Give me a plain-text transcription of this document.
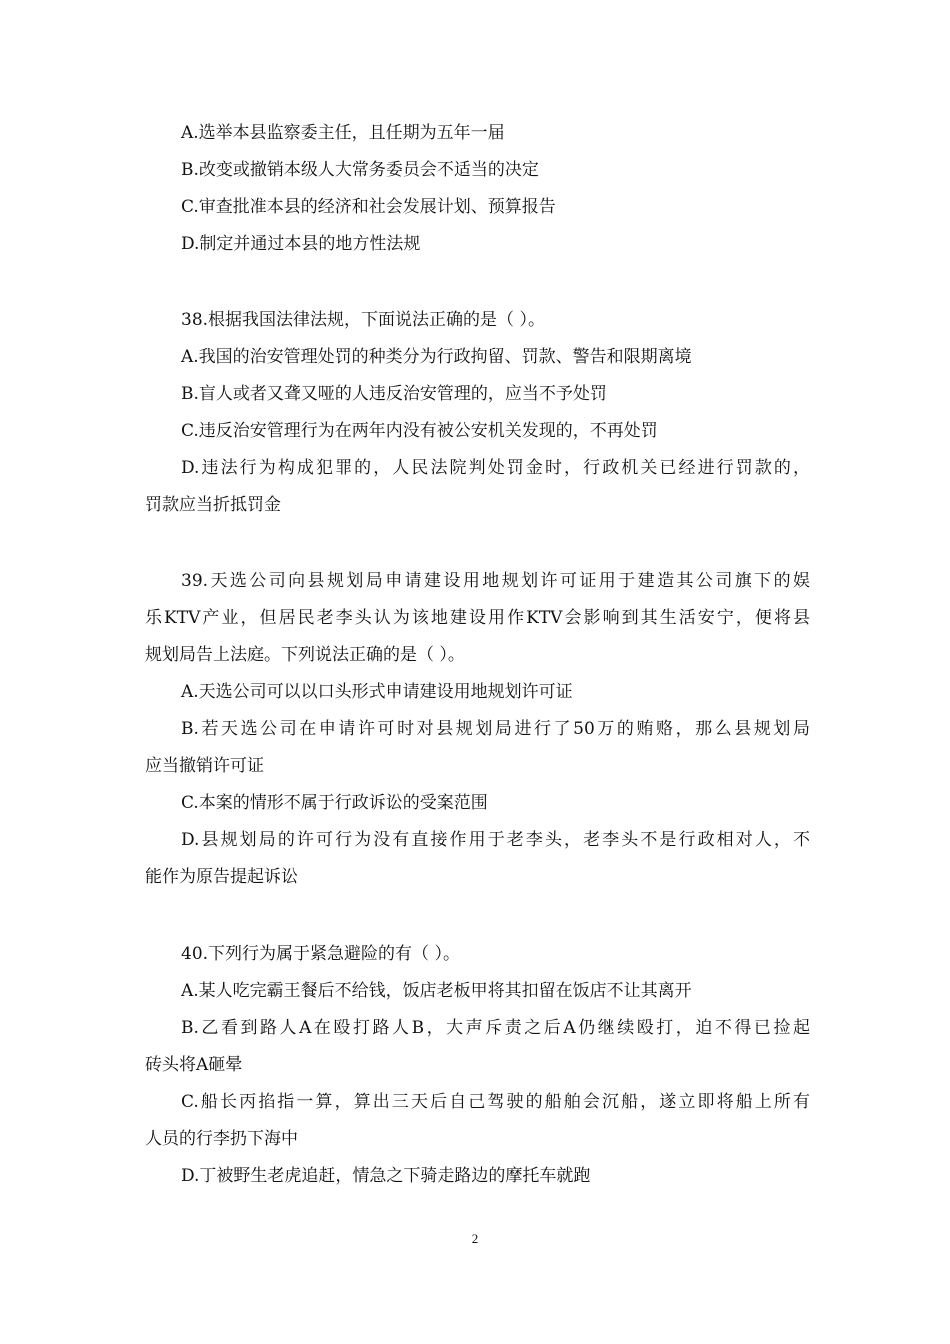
A.选举本县监察委主任，且任期为五年一届
B.改变或撤销本级人大常务委员会不适当的决定
C.审查批准本县的经济和社会发展计划、预算报告
D.制定并通过本县的地方性法规
38.根据我国法律法规，下面说法正确的是（ ）。
A.我国的治安管理处罚的种类分为行政拘留、罚款、警告和限期离境
B.盲人或者又聋又哑的人违反治安管理的，应当不予处罚
C.违反治安管理行为在两年内没有被公安机关发现的，不再处罚
D.违法行为构成犯罪的，人民法院判处罚金时，行政机关已经进行罚款的，
罚款应当折抵罚金
39.天选公司向县规划局申请建设用地规划许可证用于建造其公司旗下的娱
乐KTV产业，但居民老李头认为该地建设用作KTV会影响到其生活安宁，便将县
规划局告上法庭。下列说法正确的是（ ）。
A.天选公司可以以口头形式申请建设用地规划许可证
B.若天选公司在申请许可时对县规划局进行了50万的贿赂，那么县规划局
应当撤销许可证
C.本案的情形不属于行政诉讼的受案范围
D.县规划局的许可行为没有直接作用于老李头，老李头不是行政相对人，不
能作为原告提起诉讼
40.下列行为属于紧急避险的有（ ）。
A.某人吃完霸王餐后不给钱，饭店老板甲将其扣留在饭店不让其离开
B.乙看到路人A在殴打路人B，大声斥责之后A仍继续殴打，迫不得已捡起
砖头将A砸晕
C.船长丙掐指一算，算出三天后自己驾驶的船舶会沉船，遂立即将船上所有
人员的行李扔下海中
D.丁被野生老虎追赶，情急之下骑走路边的摩托车就跑
2
